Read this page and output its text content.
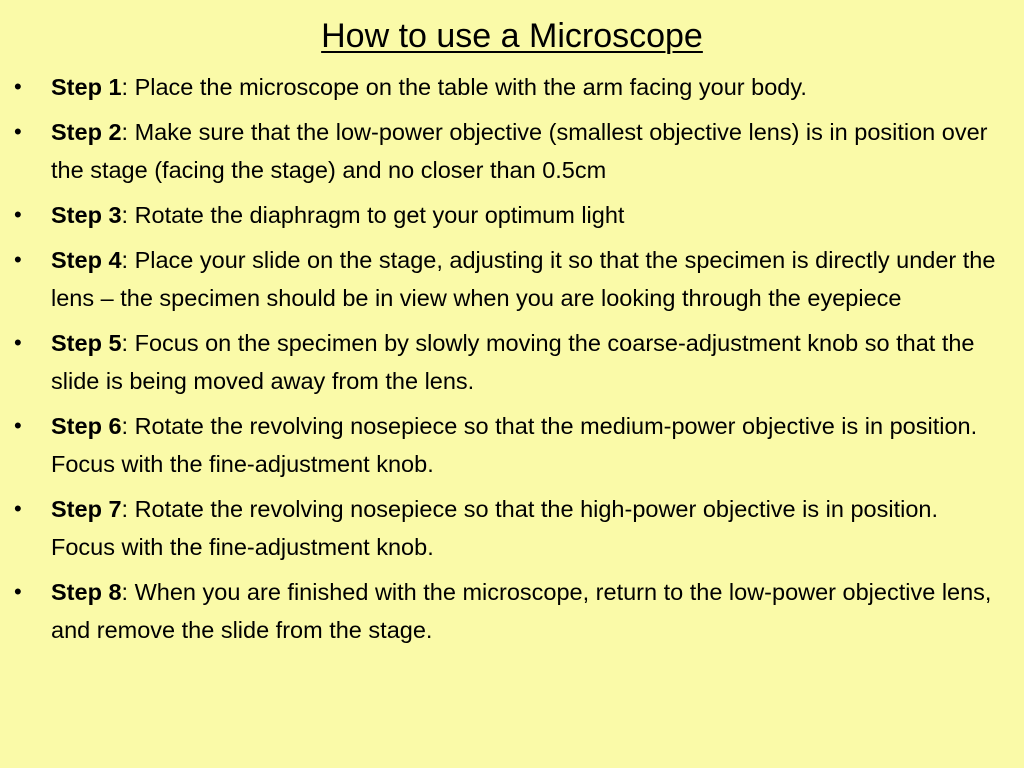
How to use a Microscope
•	Step 1: Place the microscope on the table with the arm facing your body.
•	Step 2: Make sure that the low-power objective (smallest objective lens) is in position over the stage (facing the stage) and no closer than 0.5cm
•	Step 3: Rotate the diaphragm to get your optimum light
•	Step 4: Place your slide on the stage, adjusting it so that the specimen is directly under the lens – the specimen should be in view when you are looking through the eyepiece
•	Step 5: Focus on the specimen by slowly moving the coarse-adjustment knob so that the slide is being moved away from the lens.
•	Step 6: Rotate the revolving nosepiece so that the medium-power objective is in position. Focus with the fine-adjustment knob.
•	Step 7: Rotate the revolving nosepiece so that the high-power objective is in position. Focus with the fine-adjustment knob.
•	Step 8: When you are finished with the microscope, return to the low-power objective lens, and remove the slide from the stage.
